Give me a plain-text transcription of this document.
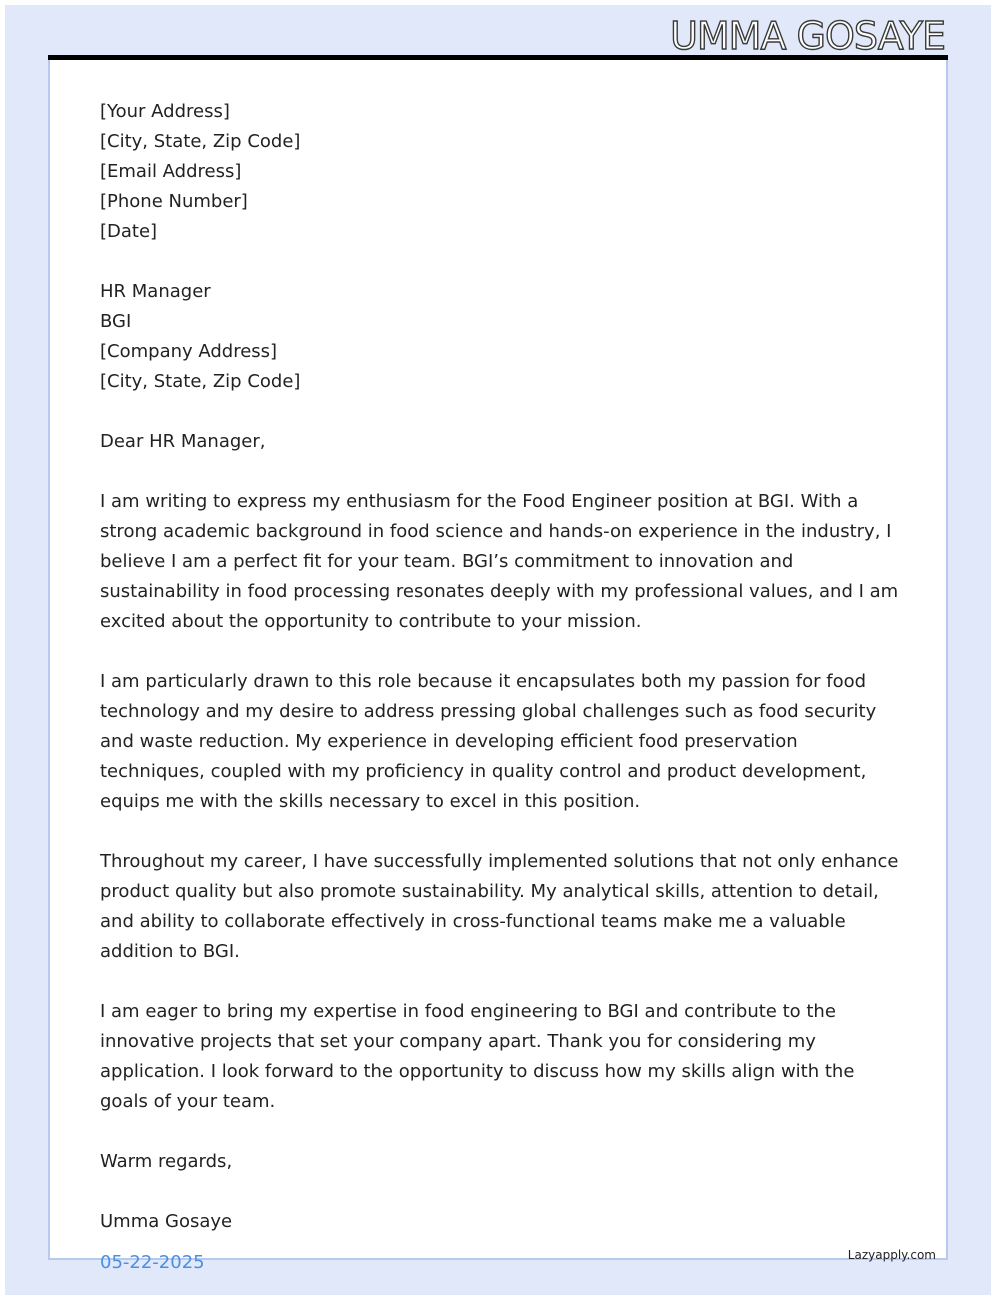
UMMA GOSAYE

[Your Address]
[City, State, Zip Code]
[Email Address]
[Phone Number]
[Date]

HR Manager
BGI
[Company Address]
[City, State, Zip Code]

Dear HR Manager,

I am writing to express my enthusiasm for the Food Engineer position at BGI. With a strong academic background in food science and hands-on experience in the industry, I believe I am a perfect fit for your team. BGI’s commitment to innovation and sustainability in food processing resonates deeply with my professional values, and I am excited about the opportunity to contribute to your mission.

I am particularly drawn to this role because it encapsulates both my passion for food technology and my desire to address pressing global challenges such as food security and waste reduction. My experience in developing efficient food preservation techniques, coupled with my proficiency in quality control and product development, equips me with the skills necessary to excel in this position.

Throughout my career, I have successfully implemented solutions that not only enhance product quality but also promote sustainability. My analytical skills, attention to detail, and ability to collaborate effectively in cross-functional teams make me a valuable addition to BGI.

I am eager to bring my expertise in food engineering to BGI and contribute to the innovative projects that set your company apart. Thank you for considering my application. I look forward to the opportunity to discuss how my skills align with the goals of your team.

Warm regards,

Umma Gosaye

05-22-2025	Lazyapply.com
